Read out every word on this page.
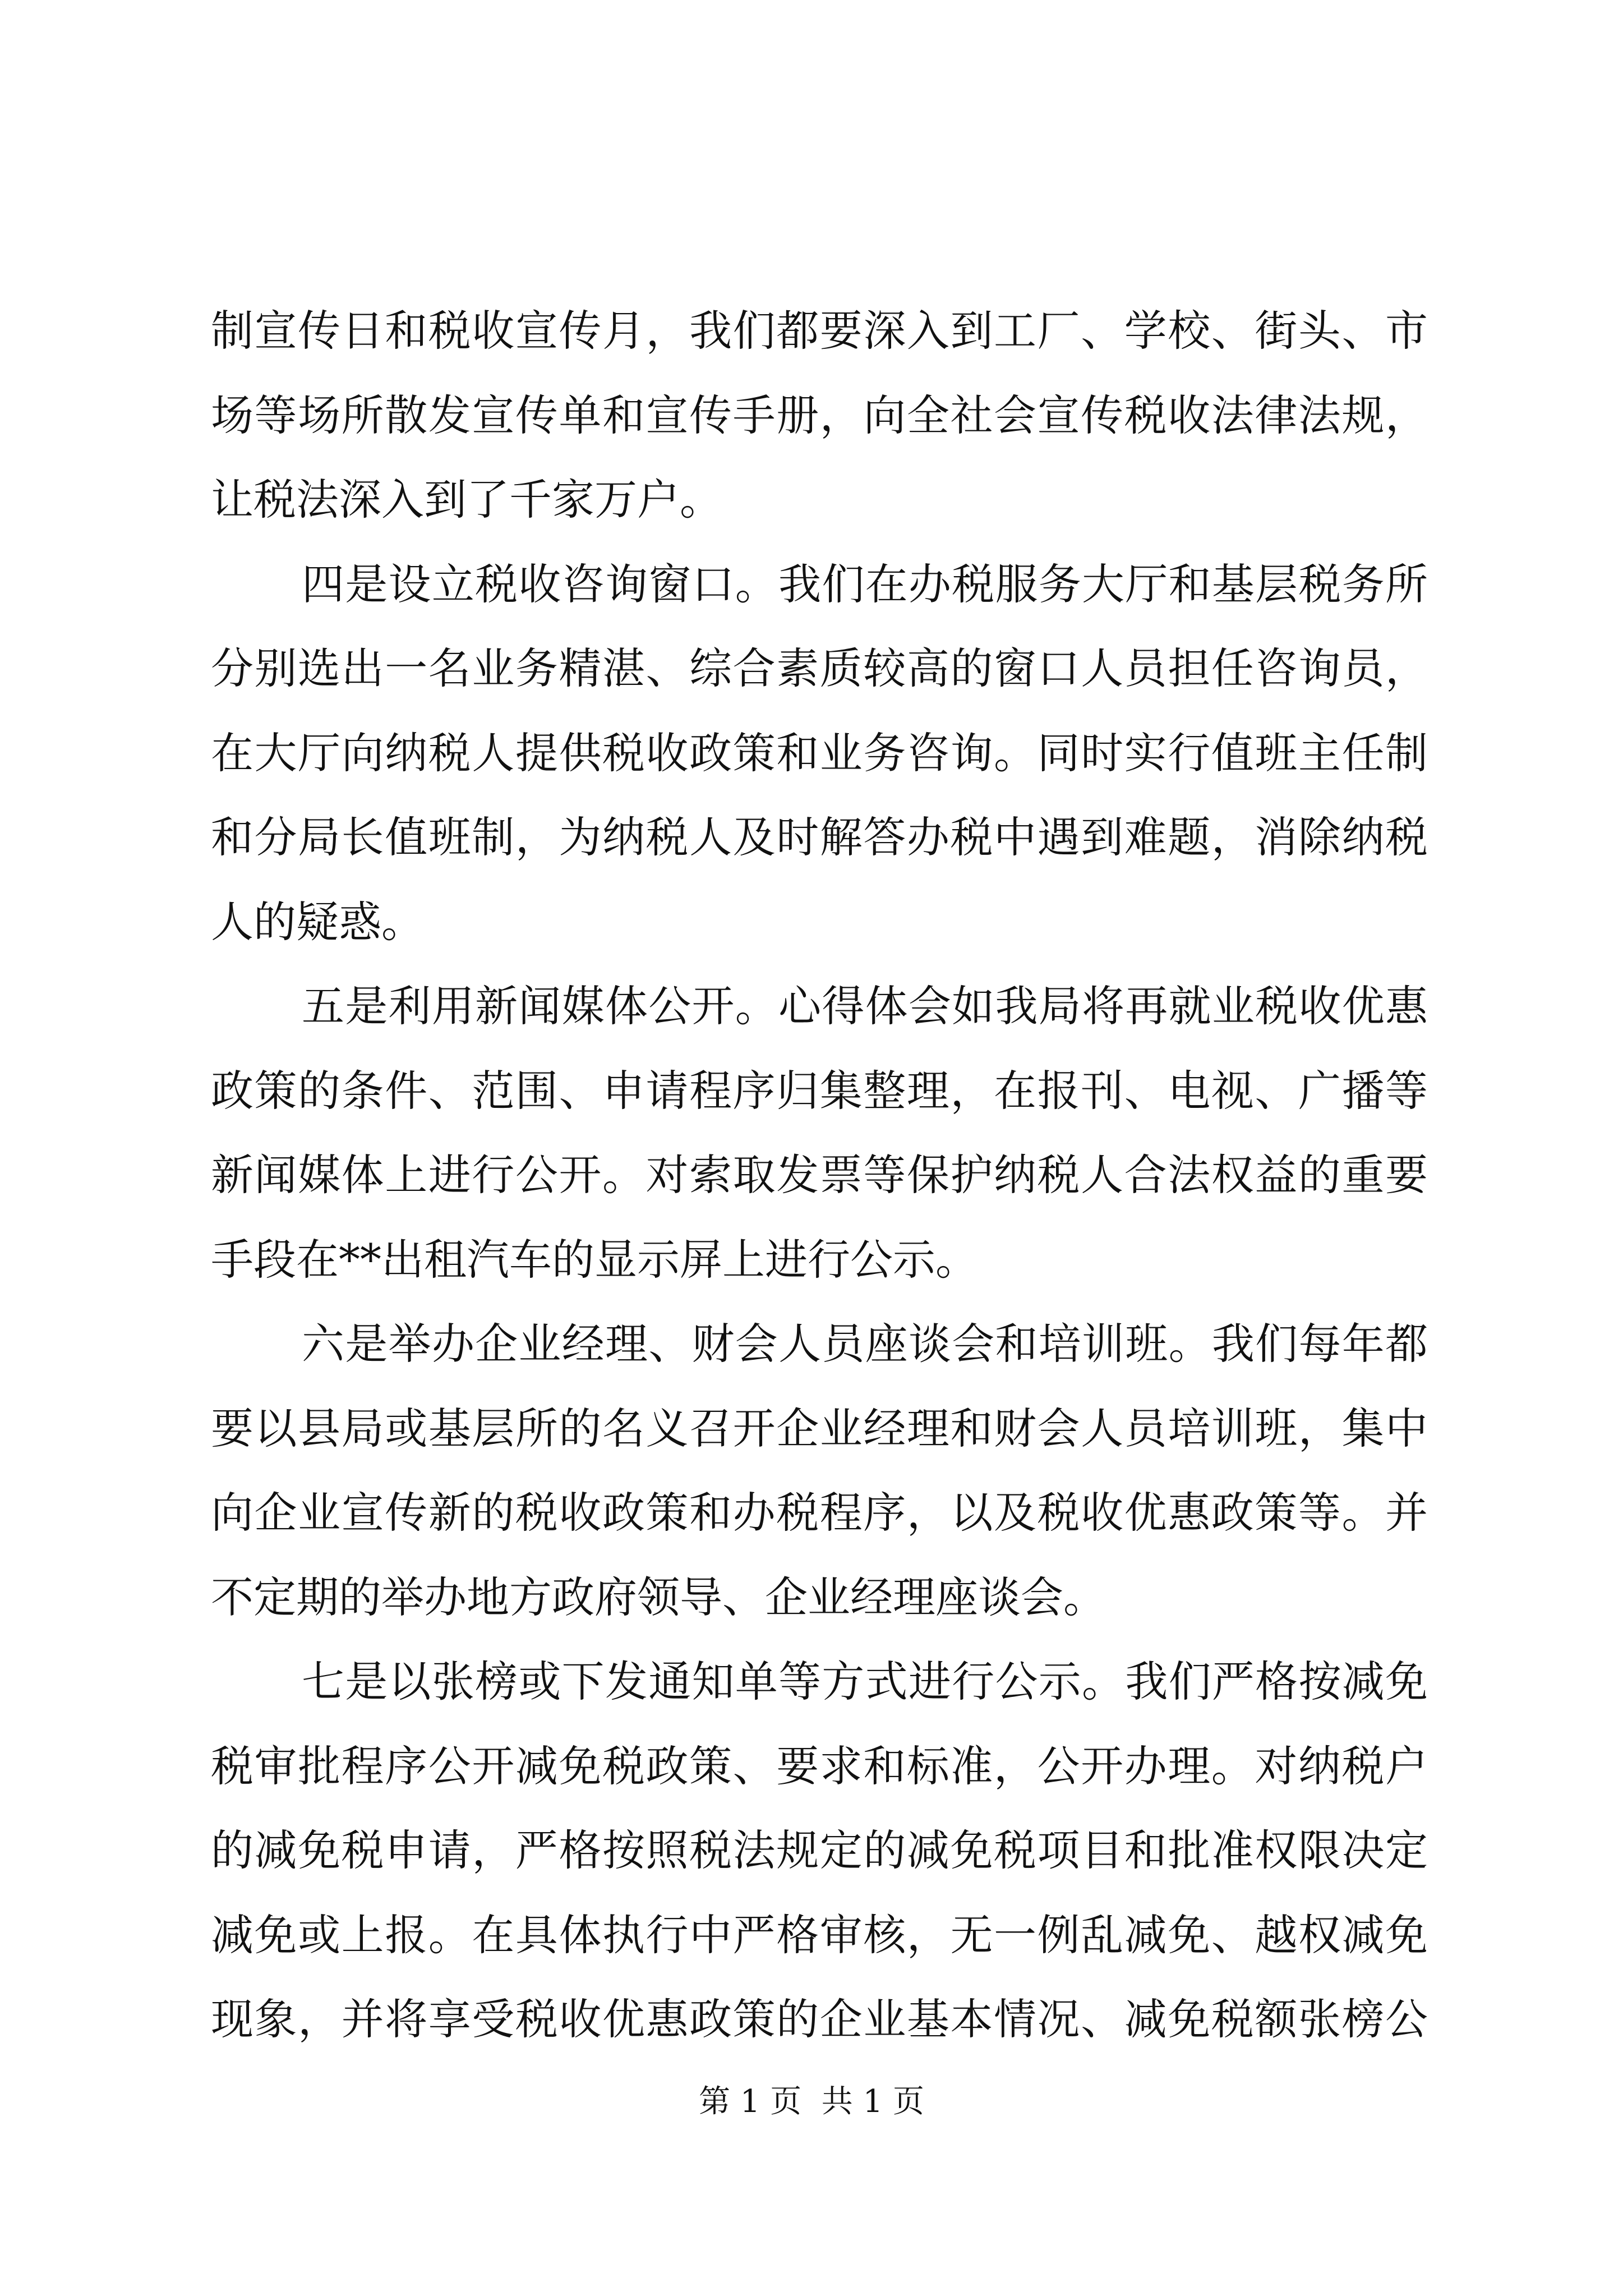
制宣传日和税收宣传月，我们都要深入到工厂、学校、街头、市
场等场所散发宣传单和宣传手册，向全社会宣传税收法律法规，
让税法深入到了千家万户。
四是设立税收咨询窗口。我们在办税服务大厅和基层税务所
分别选出一名业务精湛、综合素质较高的窗口人员担任咨询员，
在大厅向纳税人提供税收政策和业务咨询。同时实行值班主任制
和分局长值班制，为纳税人及时解答办税中遇到难题，消除纳税
人的疑惑。
五是利用新闻媒体公开。心得体会如我局将再就业税收优惠
政策的条件、范围、申请程序归集整理，在报刊、电视、广播等
新闻媒体上进行公开。对索取发票等保护纳税人合法权益的重要
手段在**出租汽车的显示屏上进行公示。
六是举办企业经理、财会人员座谈会和培训班。我们每年都
要以县局或基层所的名义召开企业经理和财会人员培训班，集中
向企业宣传新的税收政策和办税程序，以及税收优惠政策等。并
不定期的举办地方政府领导、企业经理座谈会。
七是以张榜或下发通知单等方式进行公示。我们严格按减免
税审批程序公开减免税政策、要求和标准，公开办理。对纳税户
的减免税申请，严格按照税法规定的减免税项目和批准权限决定
减免或上报。在具体执行中严格审核，无一例乱减免、越权减免
现象，并将享受税收优惠政策的企业基本情况、减免税额张榜公
第 1 页  共 1 页
